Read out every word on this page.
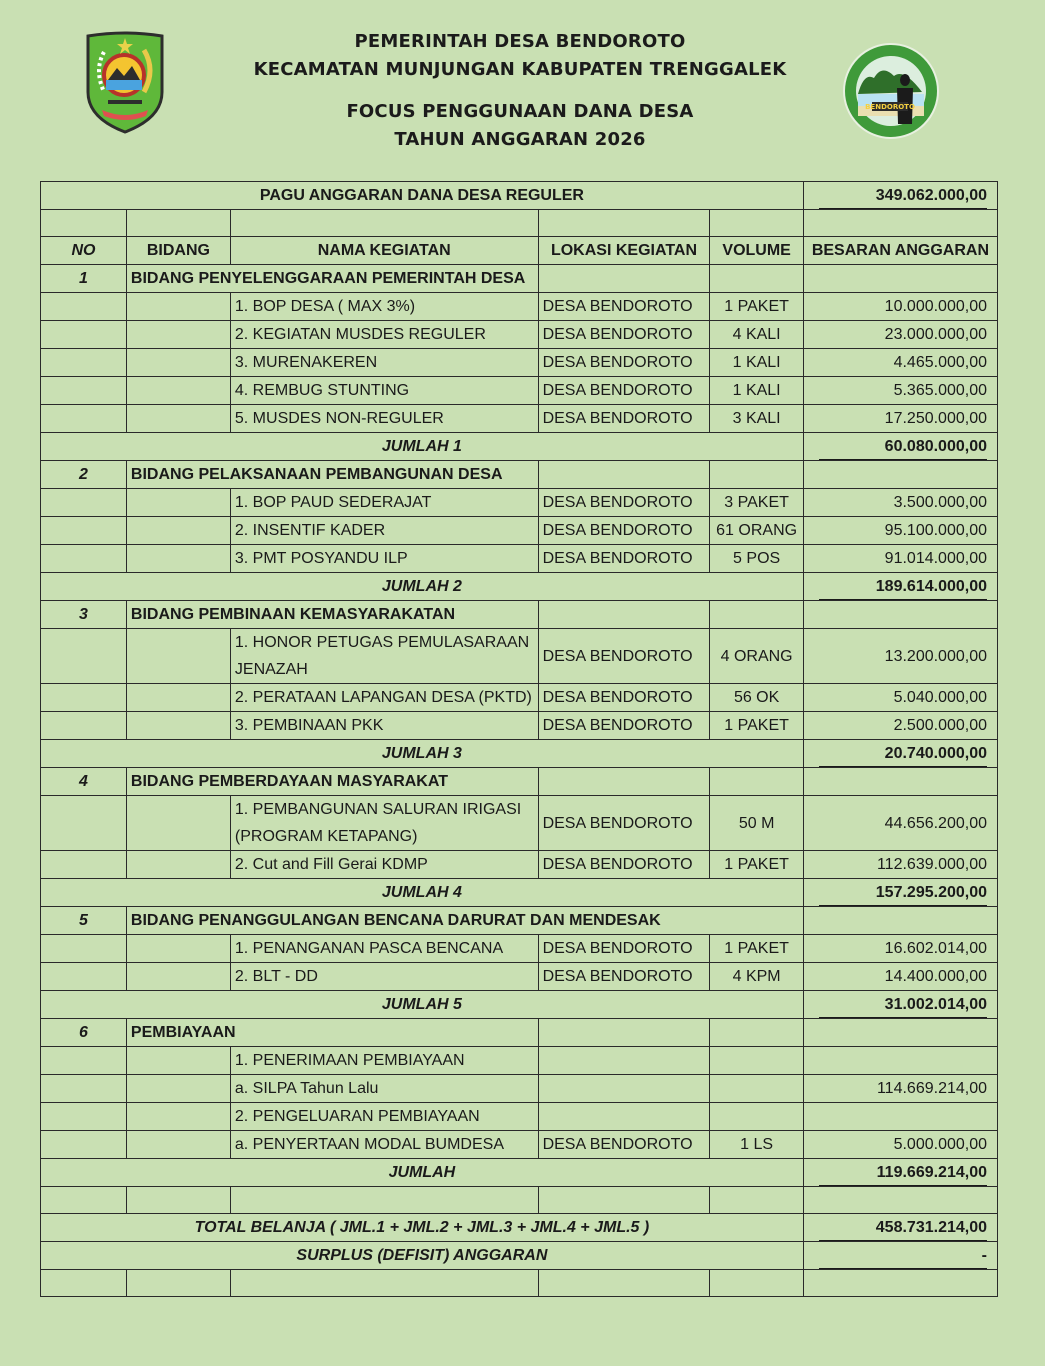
BENDOROTO
PEMERINTAH DESA BENDOROTO
KECAMATAN MUNJUNGAN KABUPATEN TRENGGALEK
FOCUS PENGGUNAAN DANA DESA
TAHUN ANGGARAN 2026
PAGU ANGGARAN DANA DESA REGULER					349.062.000,00

NO	BIDANG	NAMA KEGIATAN	LOKASI KEGIATAN	VOLUME	BESARAN ANGGARAN
1	BIDANG PENYELENGGARAAN PEMERINTAH DESA				
		1. BOP DESA ( MAX 3%)	DESA BENDOROTO	1 PAKET	10.000.000,00
		2. KEGIATAN MUSDES REGULER	DESA BENDOROTO	4 KALI	23.000.000,00
		3. MURENAKEREN	DESA BENDOROTO	1 KALI	4.465.000,00
		4. REMBUG STUNTING	DESA BENDOROTO	1 KALI	5.365.000,00
		5. MUSDES NON-REGULER	DESA BENDOROTO	3 KALI	17.250.000,00
JUMLAH 1					60.080.000,00
2	BIDANG PELAKSANAAN PEMBANGUNAN DESA				
		1. BOP PAUD SEDERAJAT	DESA BENDOROTO	3 PAKET	3.500.000,00
		2. INSENTIF KADER	DESA BENDOROTO	61 ORANG	95.100.000,00
		3. PMT POSYANDU ILP	DESA BENDOROTO	5 POS	91.014.000,00
JUMLAH 2					189.614.000,00
3	BIDANG PEMBINAAN KEMASYARAKATAN				
		1. HONOR PETUGAS PEMULASARAAN JENAZAH	DESA BENDOROTO	4 ORANG	13.200.000,00
		2. PERATAAN LAPANGAN DESA (PKTD)	DESA BENDOROTO	56 OK	5.040.000,00
		3. PEMBINAAN PKK	DESA BENDOROTO	1 PAKET	2.500.000,00
JUMLAH 3					20.740.000,00
4	BIDANG PEMBERDAYAAN MASYARAKAT				
		1. PEMBANGUNAN SALURAN IRIGASI (PROGRAM KETAPANG)	DESA BENDOROTO	50 M	44.656.200,00
		2. Cut and Fill Gerai KDMP	DESA BENDOROTO	1 PAKET	112.639.000,00
JUMLAH 4					157.295.200,00
5	BIDANG PENANGGULANGAN BENCANA DARURAT DAN MENDESAK				
		1. PENANGANAN PASCA BENCANA	DESA BENDOROTO	1 PAKET	16.602.014,00
		2. BLT - DD	DESA BENDOROTO	4 KPM	14.400.000,00
JUMLAH 5					31.002.014,00
6	PEMBIAYAAN				
		1. PENERIMAAN PEMBIAYAAN			
		a. SILPA Tahun Lalu			114.669.214,00
		2. PENGELUARAN PEMBIAYAAN			
		a. PENYERTAAN MODAL BUMDESA	DESA BENDOROTO	1 LS	5.000.000,00
JUMLAH					119.669.214,00

TOTAL BELANJA ( JML.1 + JML.2 + JML.3 + JML.4 + JML.5 )					458.731.214,00
SURPLUS (DEFISIT) ANGGARAN					-
